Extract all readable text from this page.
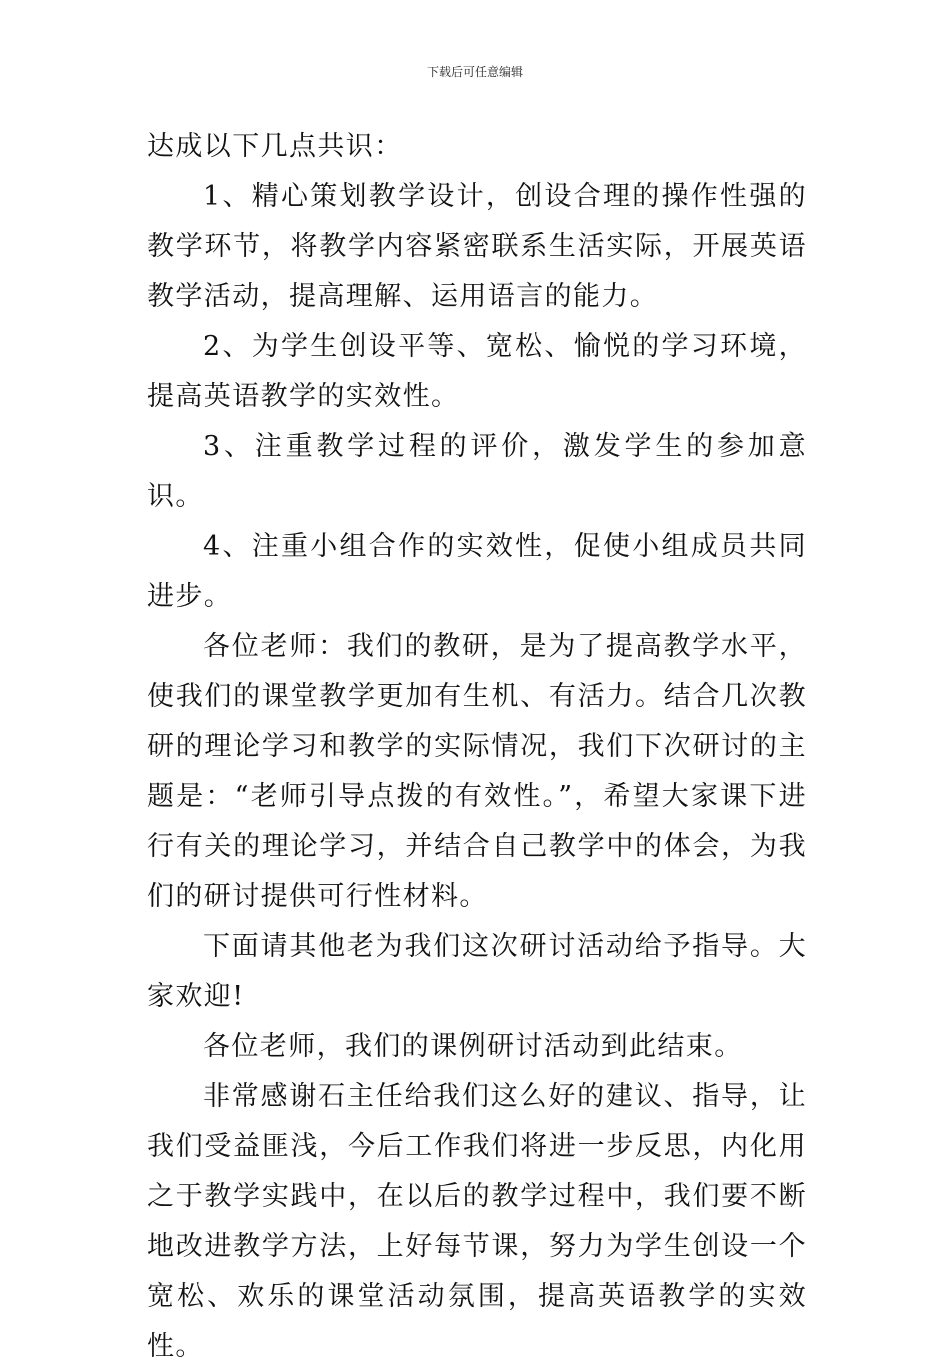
下载后可任意编辑

达成以下几点共识：

1、精心策划教学设计，创设合理的操作性强的教学环节，将教学内容紧密联系生活实际，开展英语教学活动，提高理解、运用语言的能力。

2、为学生创设平等、宽松、愉悦的学习环境，提高英语教学的实效性。

3、注重教学过程的评价，激发学生的参加意识。

4、注重小组合作的实效性，促使小组成员共同进步。

各位老师：我们的教研，是为了提高教学水平，使我们的课堂教学更加有生机、有活力。结合几次教研的理论学习和教学的实际情况，我们下次研讨的主题是：“老师引导点拨的有效性。”，希望大家课下进行有关的理论学习，并结合自己教学中的体会，为我们的研讨提供可行性材料。

下面请其他老为我们这次研讨活动给予指导。大家欢迎!

各位老师，我们的课例研讨活动到此结束。

非常感谢石主任给我们这么好的建议、指导，让我们受益匪浅，今后工作我们将进一步反思，内化用之于教学实践中，在以后的教学过程中，我们要不断地改进教学方法，上好每节课，努力为学生创设一个宽松、欢乐的课堂活动氛围，提高英语教学的实效性。
